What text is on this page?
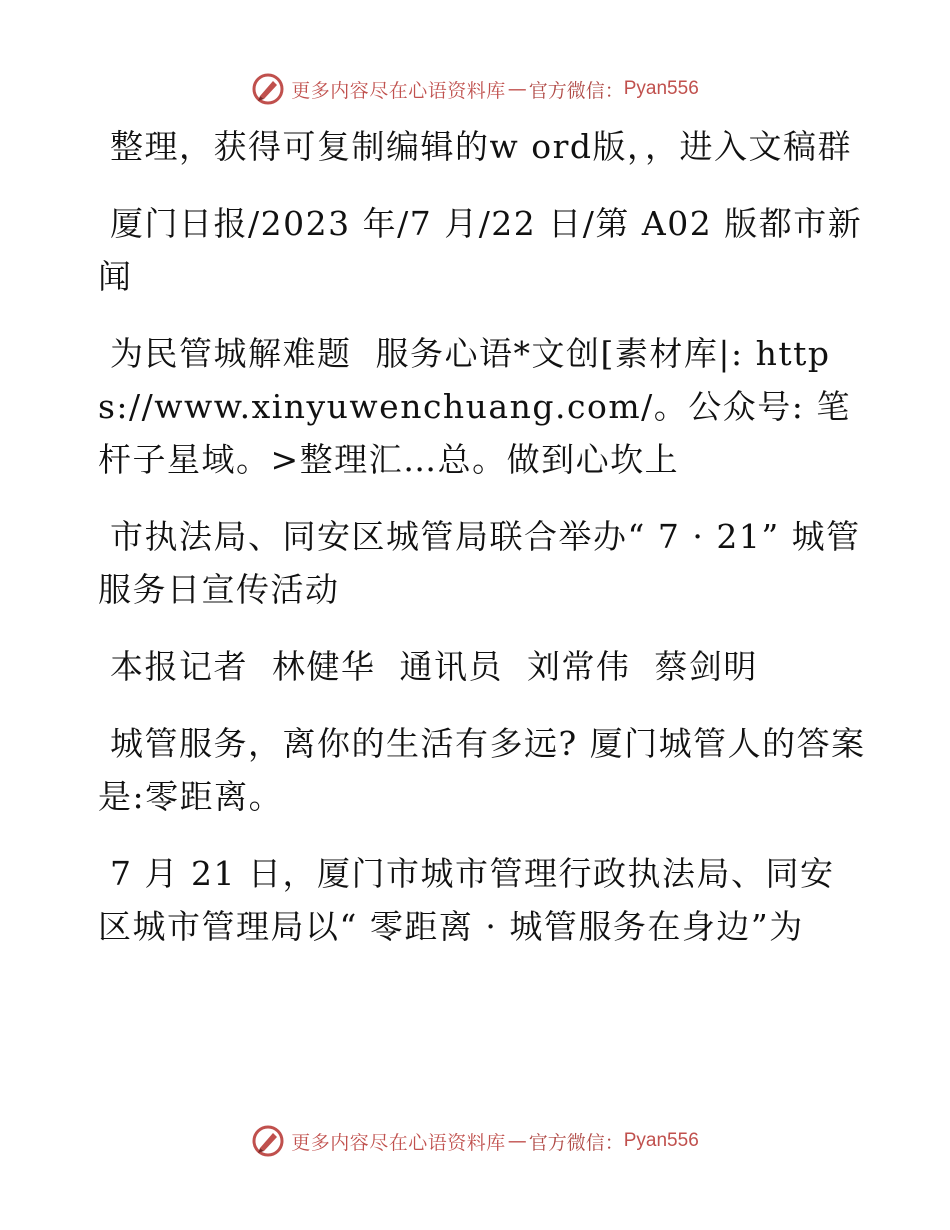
更多内容尽在心语资料库 — 官方微信： Pyan556

整理，获得可复制编辑的w ord版，，进入文稿群

厦门日报/2023 年/7 月/22 日/第 A02 版都市新闻

为民管城解难题  服务心语*文创[素材库|: https://www.xinyuwenchuang.com/。公众号: 笔杆子星域。>整理汇…总。做到心坎上

市执法局、同安区城管局联合举办“ 7 · 21” 城管服务日宣传活动

本报记者  林健华  通讯员  刘常伟  蔡剑明

城管服务，离你的生活有多远? 厦门城管人的答案是:零距离。

7 月 21 日，厦门市城市管理行政执法局、同安区城市管理局以“ 零距离 · 城管服务在身边”为

更多内容尽在心语资料库 — 官方微信： Pyan556
